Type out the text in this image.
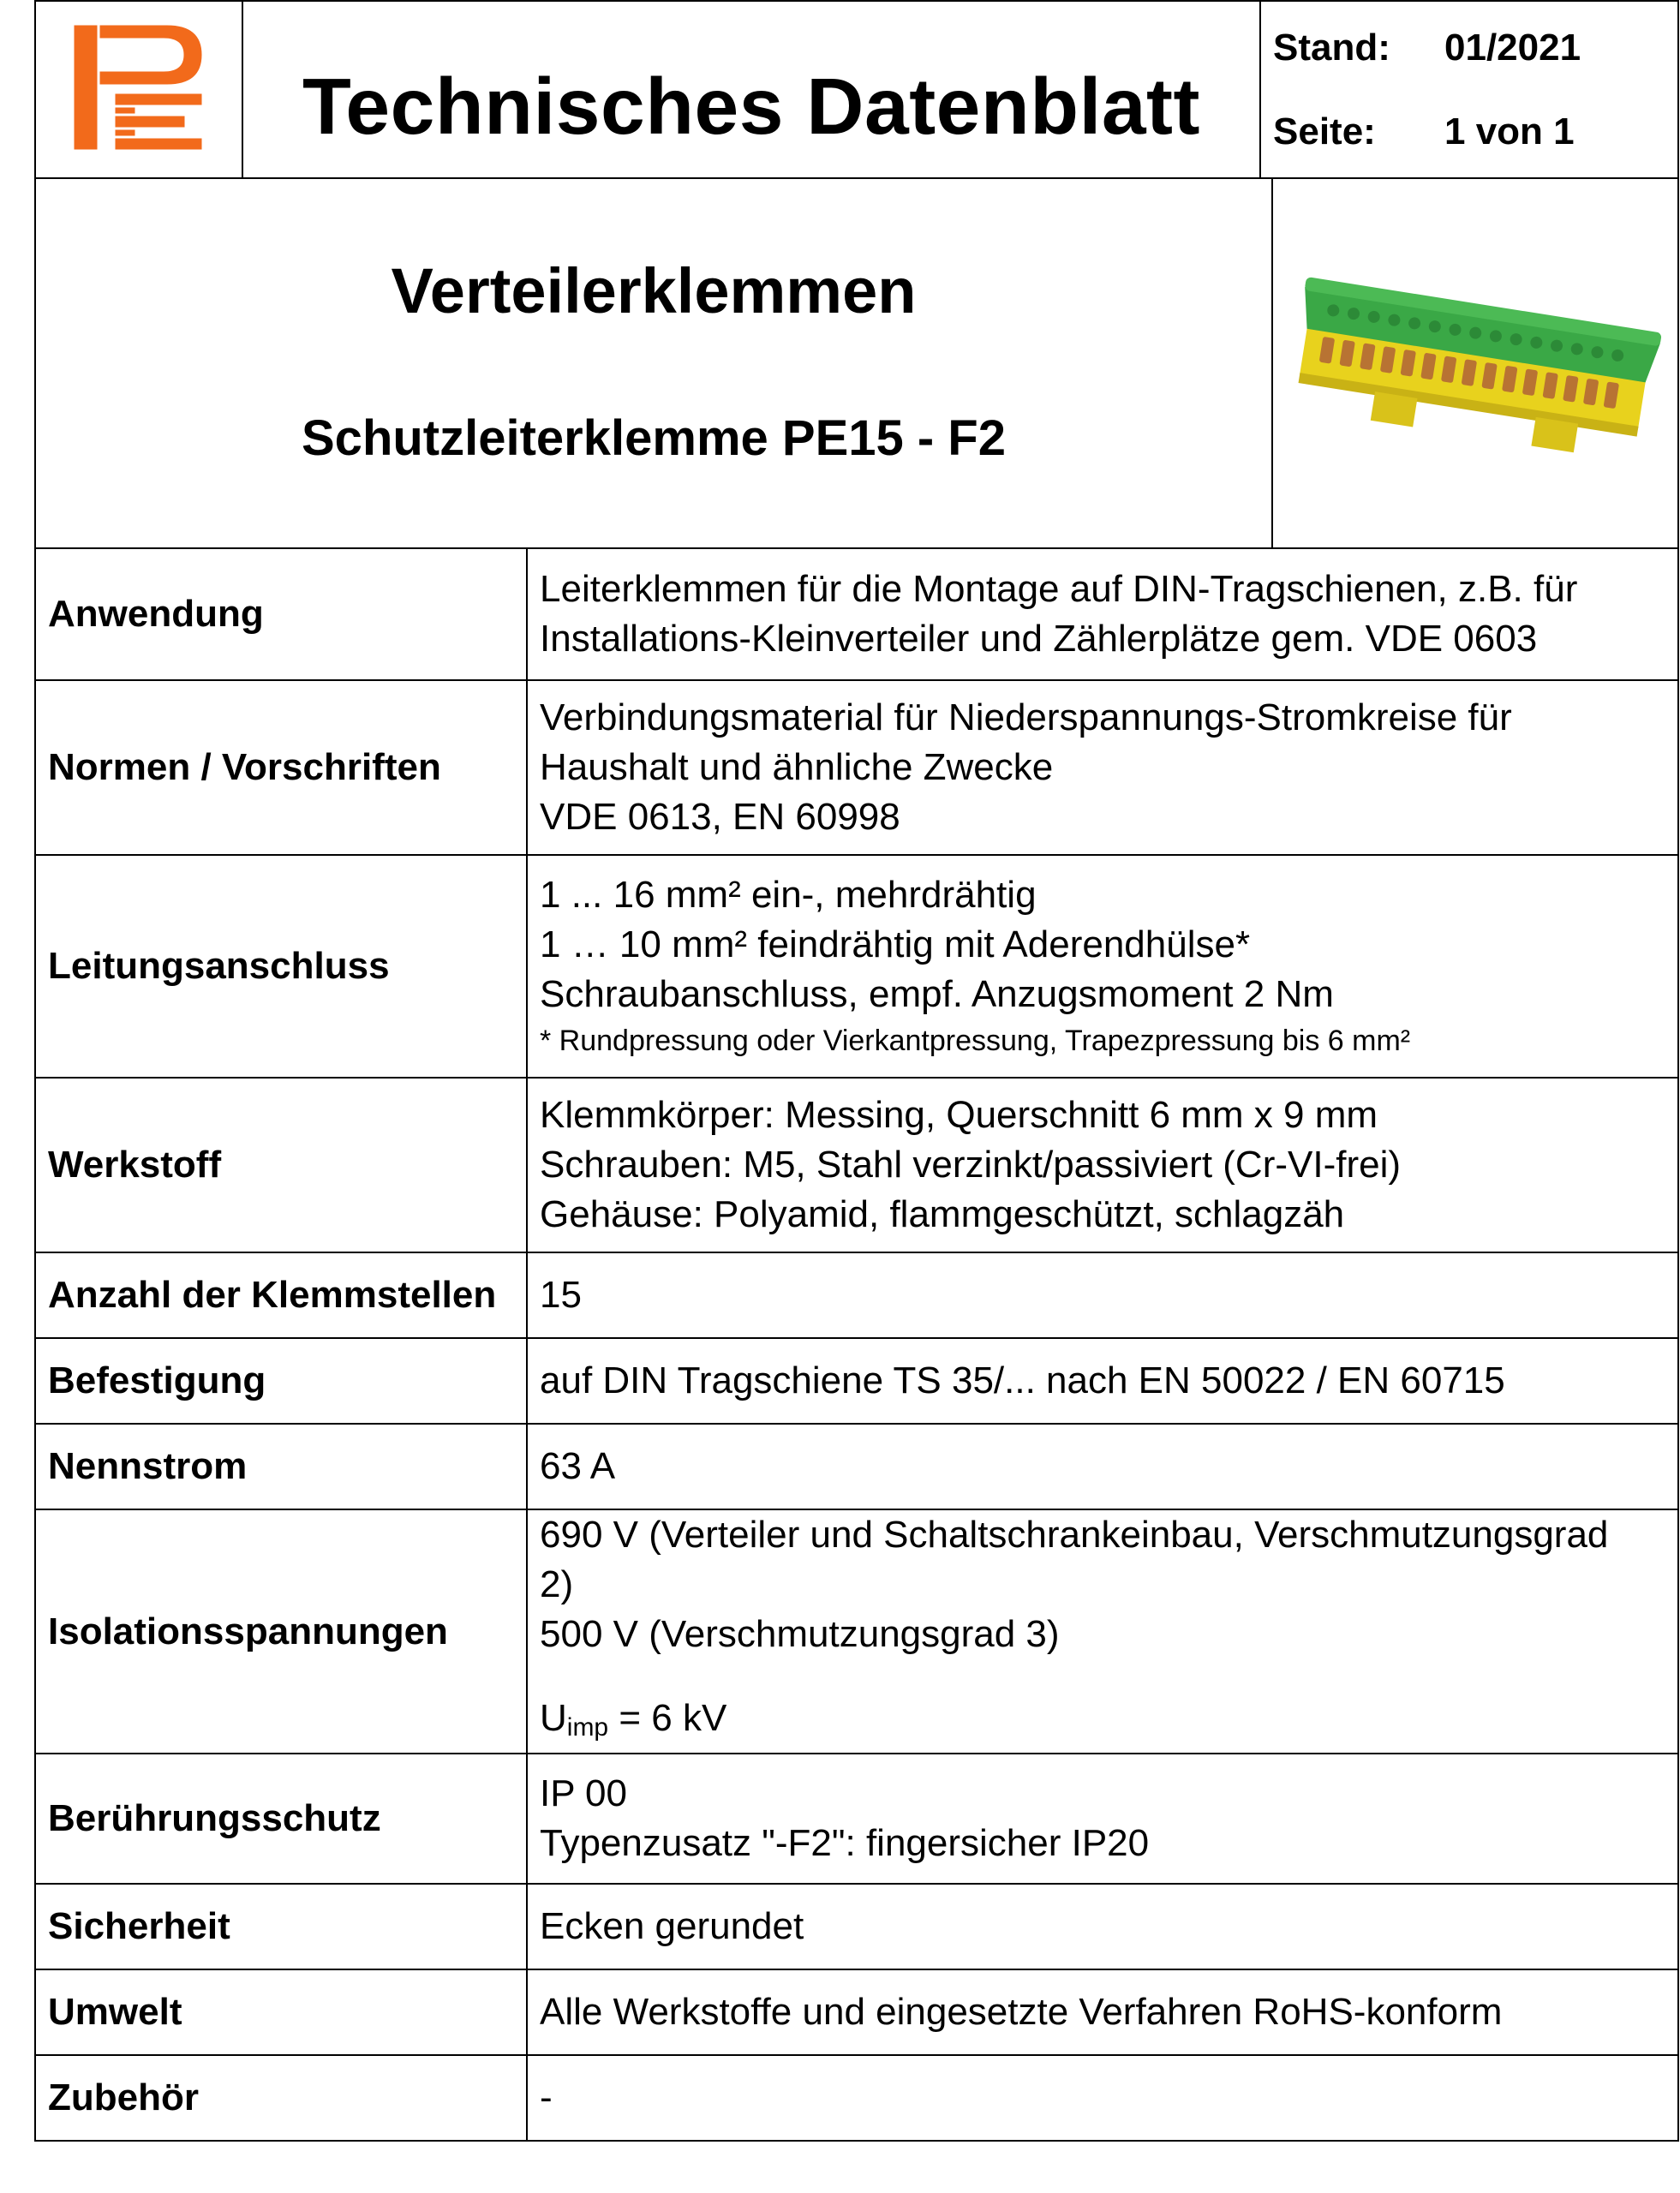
Technisches Datenblatt

Stand:	01/2021
Seite:	1 von 1
Verteilerklemmen
Schutzleiterklemme PE15 - F2

Anwendung	Leiterklemmen für die Montage auf DIN-Tragschienen, z.B. für
Installations-Kleinverteiler und Zählerplätze gem. VDE 0603

Normen / Vorschriften	Verbindungsmaterial für Niederspannungs-Stromkreise für
Haushalt und ähnliche Zwecke
VDE 0613, EN 60998

Leitungsanschluss	1 ... 16 mm² ein-, mehrdrähtig
1 … 10 mm² feindrähtig mit Aderendhülse*
Schraubanschluss, empf. Anzugsmoment 2 Nm
* Rundpressung oder Vierkantpressung, Trapezpressung bis 6 mm²

Werkstoff	Klemmkörper: Messing, Querschnitt 6 mm x 9 mm
Schrauben: M5, Stahl verzinkt/passiviert (Cr-VI-frei)
Gehäuse: Polyamid, flammgeschützt, schlagzäh

Anzahl der Klemmstellen	15
Befestigung	auf DIN Tragschiene TS 35/... nach EN 50022 / EN 60715
Nennstrom	63 A
Isolationsspannungen	690 V (Verteiler und Schaltschrankeinbau, Verschmutzungsgrad
2)
500 V (Verschmutzungsgrad 3)
$U_{imp} = 6$ kV

Berührungsschutz	IP 00
Typenzusatz "-F2": fingersicher IP20

Sicherheit	Ecken gerundet
Umwelt	Alle Werkstoffe und eingesetzte Verfahren RoHS-konform
Zubehör	-
